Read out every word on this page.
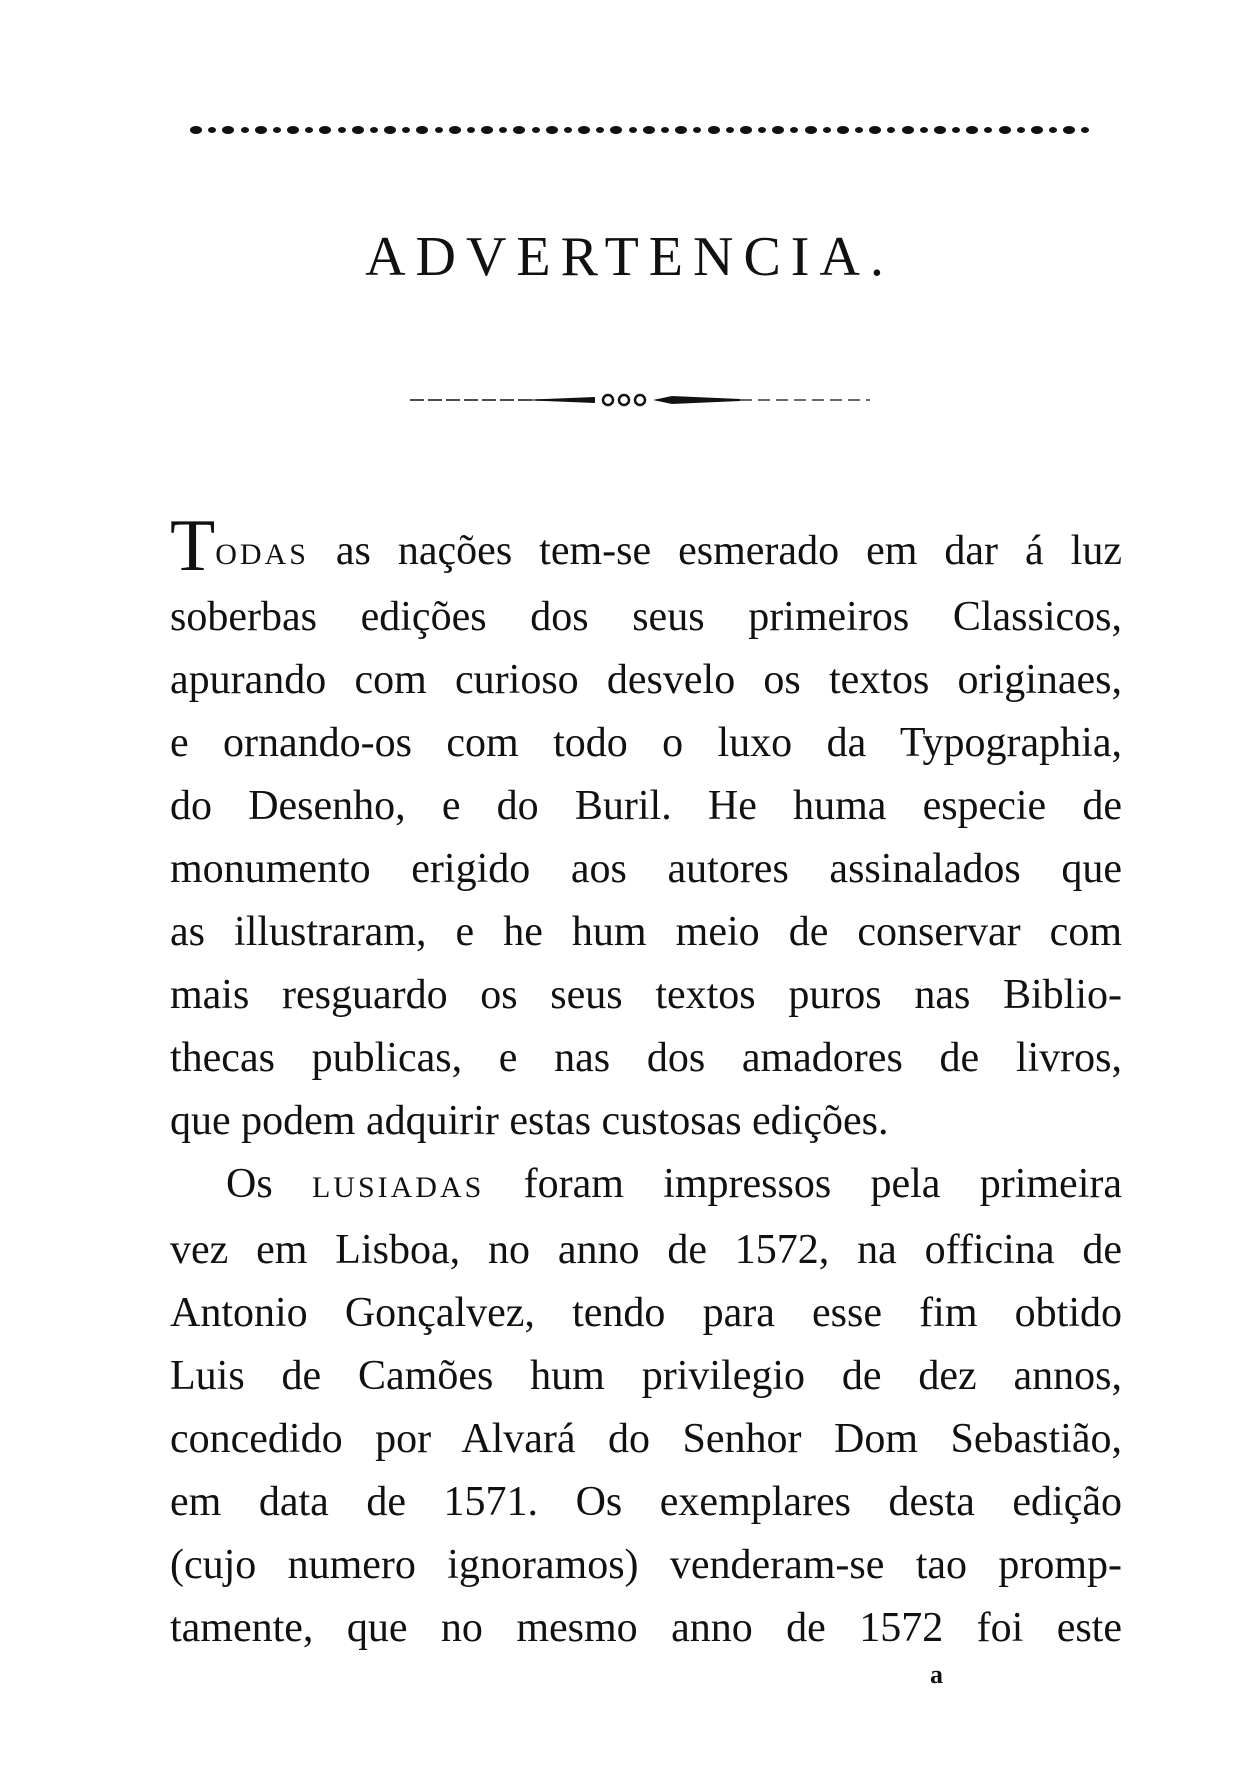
ADVERTENCIA.

TODAS as nações tem-se esmerado em dar á luz
soberbas edições dos seus primeiros Classicos,
apurando com curioso desvelo os textos originaes,
e ornando-os com todo o luxo da Typographia,
do Desenho, e do Buril. He huma especie de
monumento erigido aos autores assinalados que
as illustraram, e he hum meio de conservar com
mais resguardo os seus textos puros nas Biblio-
thecas publicas, e nas dos amadores de livros,
que podem adquirir estas custosas edições.

Os LUSIADAS foram impressos pela primeira
vez em Lisboa, no anno de 1572, na officina de
Antonio Gonçalvez, tendo para esse fim obtido
Luis de Camões hum privilegio de dez annos,
concedido por Alvará do Senhor Dom Sebastião,
em data de 1571. Os exemplares desta edição
(cujo numero ignoramos) venderam-se tao promp-
tamente, que no mesmo anno de 1572 foi este

a
